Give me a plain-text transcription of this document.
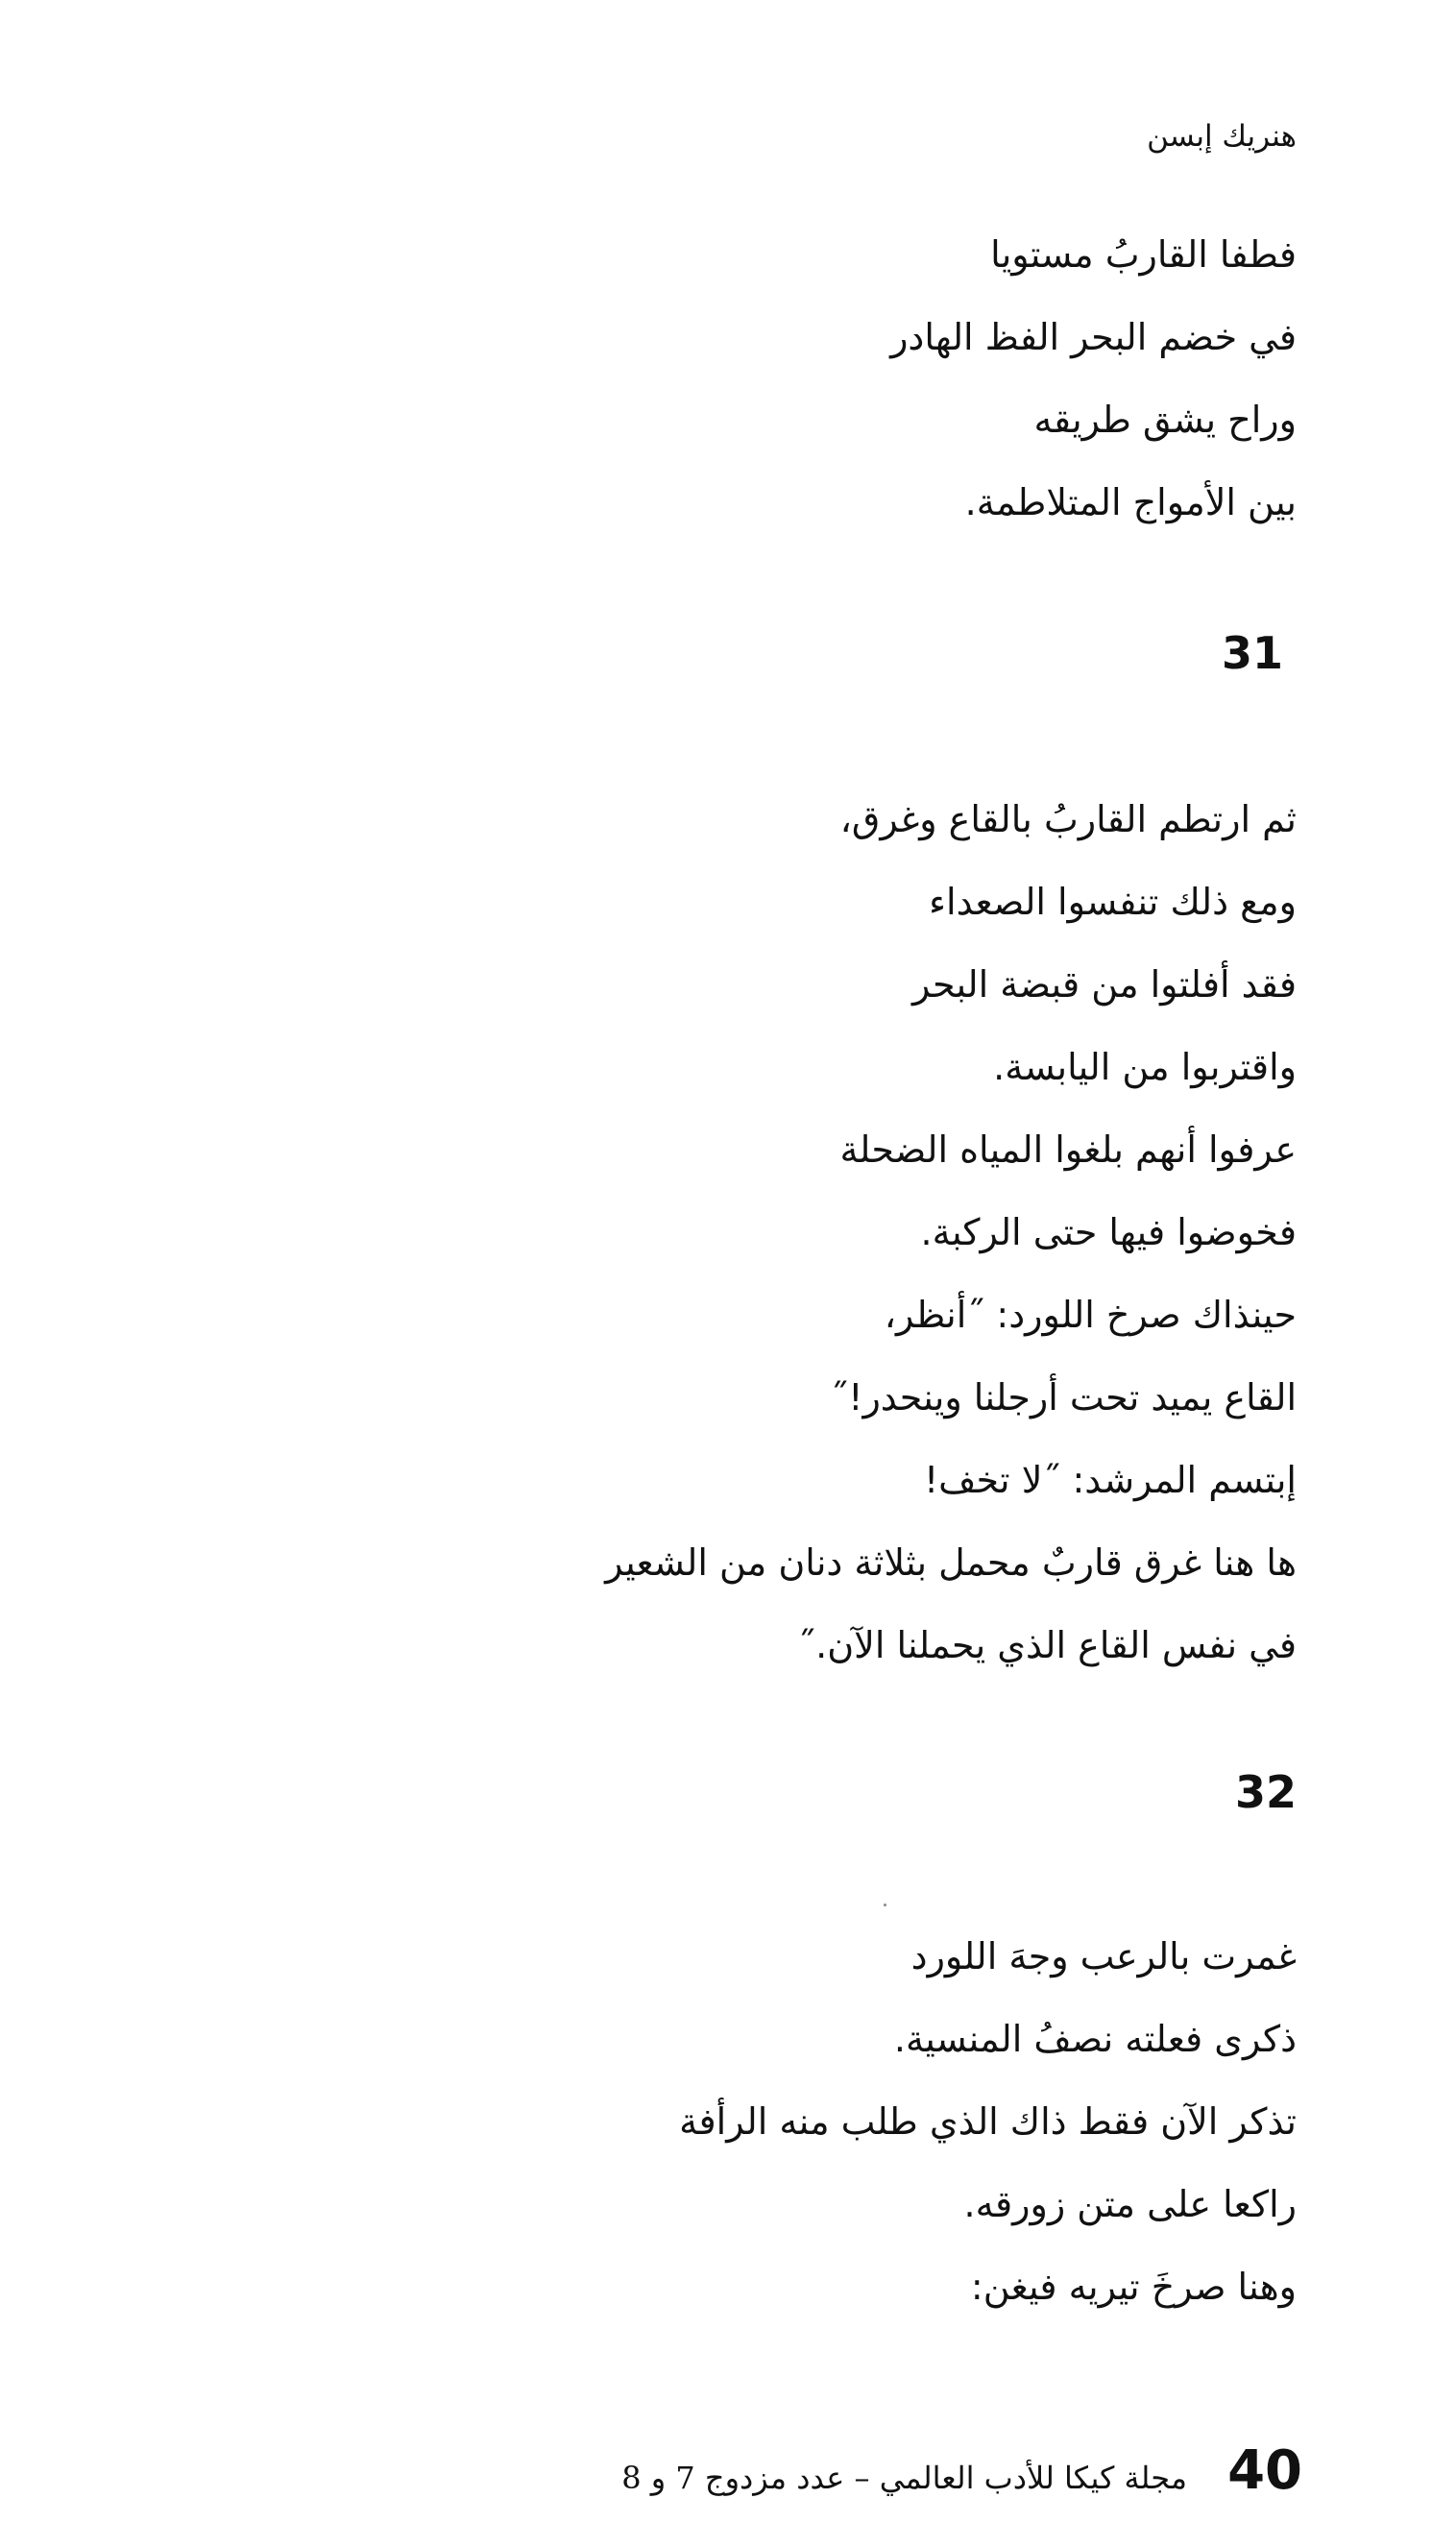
هنريك إبسن
فطفا القاربُ مستويا
في خضم البحر الفظ الهادر
وراح يشق طريقه
بين الأمواج المتلاطمة.
31
ثم ارتطم القاربُ بالقاع وغرق،
ومع ذلك تنفسوا الصعداء
فقد أفلتوا من قبضة البحر
واقتربوا من اليابسة.
عرفوا أنهم بلغوا المياه الضحلة
فخوضوا فيها حتى الركبة.
حينذاك صرخ اللورد: ˝أنظر،
القاع يميد تحت أرجلنا وينحدر!˝
إبتسم المرشد: ˝لا تخف!
ها هنا غرق قاربٌ محمل بثلاثة دنان من الشعير
في نفس القاع الذي يحملنا الآن.˝
32
غمرت بالرعب وجهَ اللورد
ذكرى فعلته نصفُ المنسية.
تذكر الآن فقط ذاك الذي طلب منه الرأفة
راكعا على متن زورقه.
وهنا صرخَ تيريه فيغن:
مجلة كيكا للأدب العالمي – عدد مزدوج 7 و 8 40
